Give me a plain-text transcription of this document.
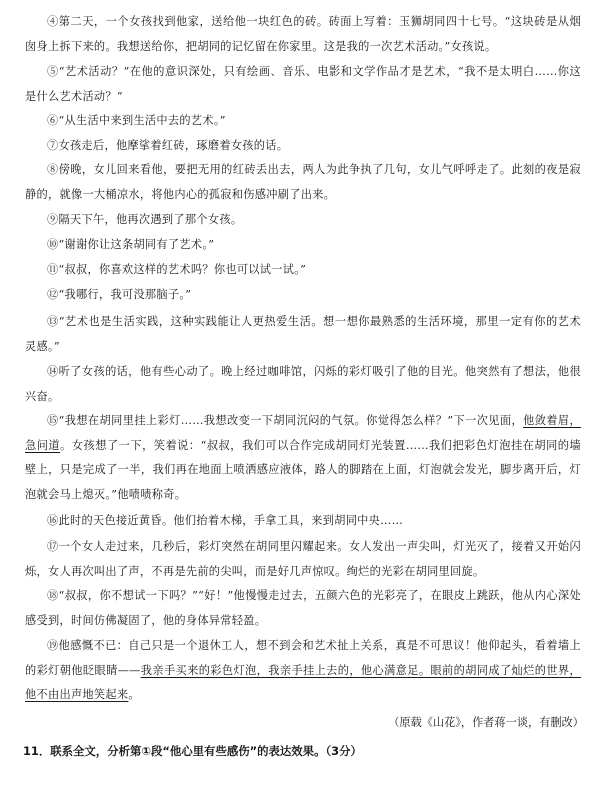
④第二天，一个女孩找到他家，送给他一块红色的砖。砖面上写着：玉狮胡同四十七号。“这块砖是从烟囱身上拆下来的。我想送给你，把胡同的记忆留在你家里。这是我的一次艺术活动。”女孩说。

⑤“艺术活动？”在他的意识深处，只有绘画、音乐、电影和文学作品才是艺术，“我不是太明白……你这是什么艺术活动？”

⑥“从生活中来到生活中去的艺术。”

⑦女孩走后，他摩挲着红砖，琢磨着女孩的话。

⑧傍晚，女儿回来看他，要把无用的红砖丢出去，两人为此争执了几句，女儿气呼呼走了。此刻的夜是寂静的，就像一大桶凉水，将他内心的孤寂和伤感冲刷了出来。

⑨隔天下午，他再次遇到了那个女孩。

⑩“谢谢你让这条胡同有了艺术。”

⑪“叔叔，你喜欢这样的艺术吗？你也可以试一试。”

⑫“我哪行，我可没那脑子。”

⑬“艺术也是生活实践，这种实践能让人更热爱生活。想一想你最熟悉的生活环境，那里一定有你的艺术灵感。”

⑭听了女孩的话，他有些心动了。晚上经过咖啡馆，闪烁的彩灯吸引了他的目光。他突然有了想法，他很兴奋。

⑮“我想在胡同里挂上彩灯……我想改变一下胡同沉闷的气氛。你觉得怎么样？”下一次见面，他敛着眉，急问道。女孩想了一下，笑着说：“叔叔，我们可以合作完成胡同灯光装置……我们把彩色灯泡挂在胡同的墙壁上，只是完成了一半，我们再在地面上喷洒感应液体，路人的脚踏在上面，灯泡就会发光，脚步离开后，灯泡就会马上熄灭。”他啧啧称奇。

⑯此时的天色接近黄昏。他们抬着木梯，手拿工具，来到胡同中央……

⑰一个女人走过来，几秒后，彩灯突然在胡同里闪耀起来。女人发出一声尖叫，灯光灭了，接着又开始闪烁，女人再次叫出了声，不再是先前的尖叫，而是好几声惊叹。绚烂的光彩在胡同里回旋。

⑱“叔叔，你不想试一下吗？”“好！”他慢慢走过去，五颜六色的光彩亮了，在眼皮上跳跃，他从内心深处感受到，时间仿佛凝固了，他的身体异常轻盈。

⑲他感慨不已：自己只是一个退休工人，想不到会和艺术扯上关系，真是不可思议！他仰起头，看着墙上的彩灯朝他眨眼睛——我亲手买来的彩色灯泡，我亲手挂上去的，他心满意足。眼前的胡同成了灿烂的世界，他不由出声地笑起来。

（原载《山花》，作者蒋一谈，有删改）

11．联系全文，分析第①段“他心里有些感伤”的表达效果。（3分）
